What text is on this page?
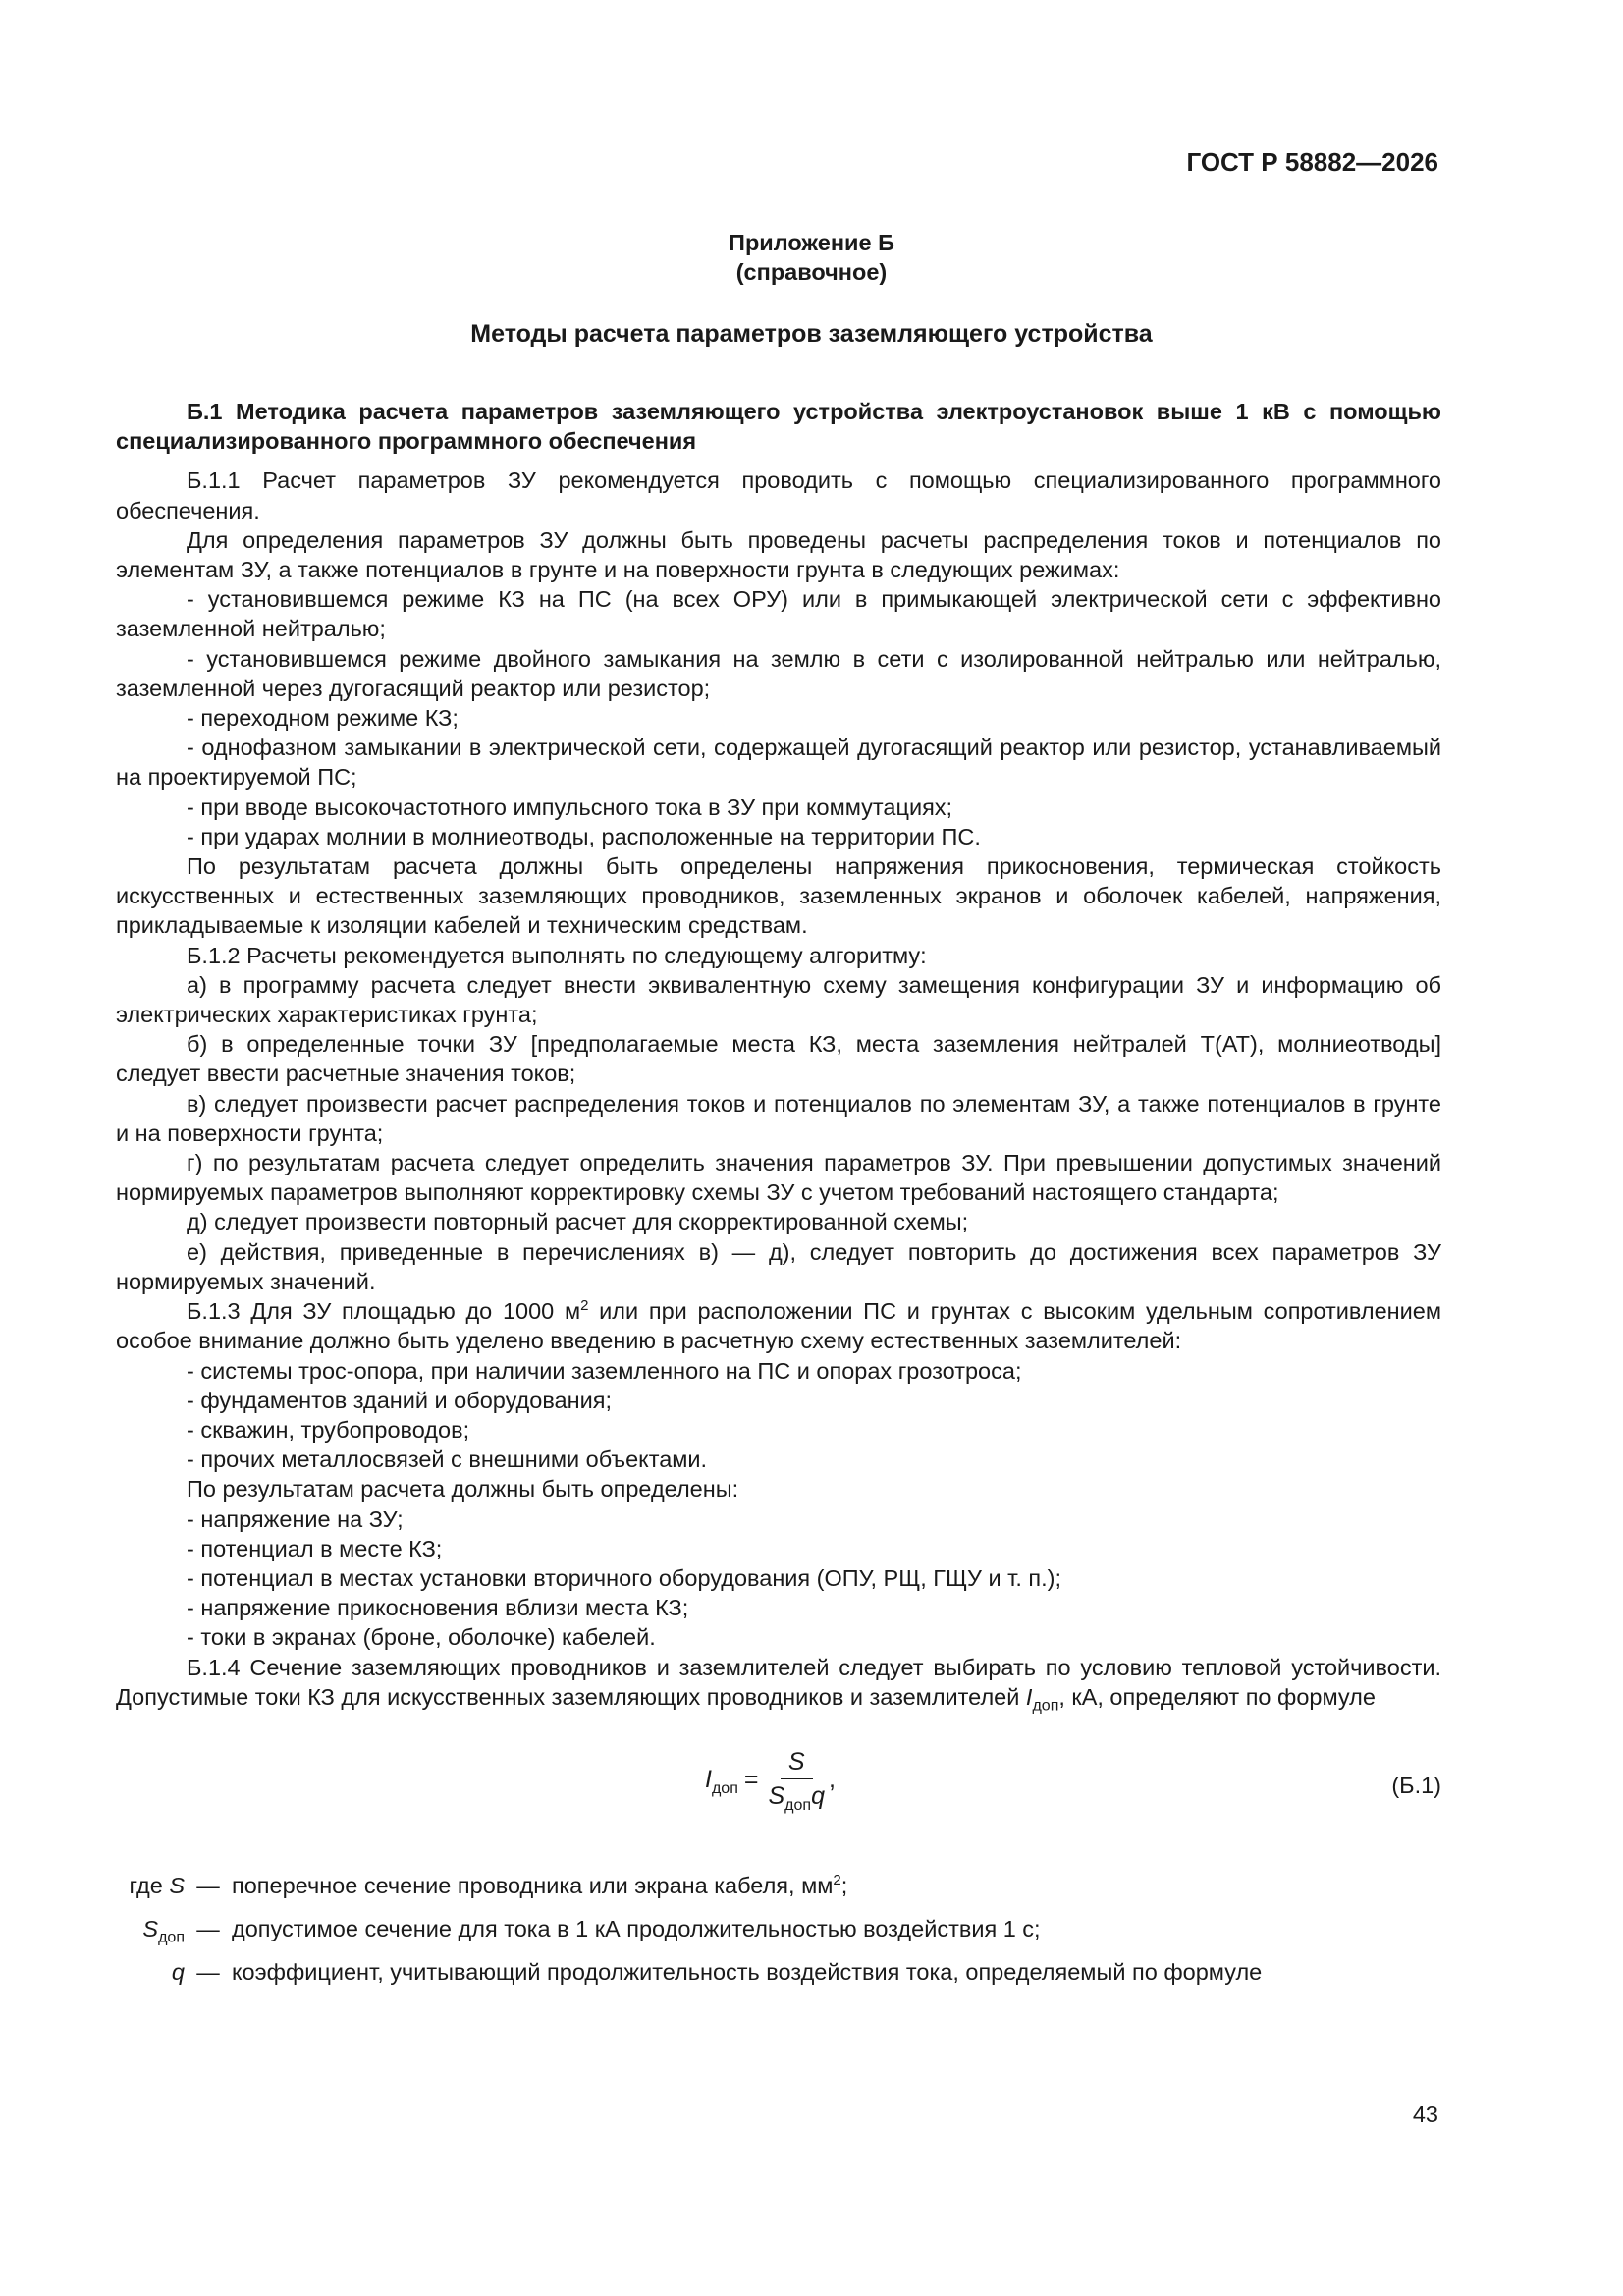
ГОСТ Р 58882—2026
Приложение Б
(справочное)
Методы расчета параметров заземляющего устройства

Б.1 Методика расчета параметров заземляющего устройства электроустановок выше 1 кВ с помощью специализированного программного обеспечения

Б.1.1 Расчет параметров ЗУ рекомендуется проводить с помощью специализированного программного обеспечения.

Для определения параметров ЗУ должны быть проведены расчеты распределения токов и потенциалов по элементам ЗУ, а также потенциалов в грунте и на поверхности грунта в следующих режимах:

- установившемся режиме КЗ на ПС (на всех ОРУ) или в примыкающей электрической сети с эффективно заземленной нейтралью;

- установившемся режиме двойного замыкания на землю в сети с изолированной нейтралью или нейтралью, заземленной через дугогасящий реактор или резистор;

- переходном режиме КЗ;

- однофазном замыкании в электрической сети, содержащей дугогасящий реактор или резистор, устанавливаемый на проектируемой ПС;

- при вводе высокочастотного импульсного тока в ЗУ при коммутациях;

- при ударах молнии в молниеотводы, расположенные на территории ПС.

По результатам расчета должны быть определены напряжения прикосновения, термическая стойкость искусственных и естественных заземляющих проводников, заземленных экранов и оболочек кабелей, напряжения, прикладываемые к изоляции кабелей и техническим средствам.

Б.1.2 Расчеты рекомендуется выполнять по следующему алгоритму:

а) в программу расчета следует внести эквивалентную схему замещения конфигурации ЗУ и информацию об электрических характеристиках грунта;

б) в определенные точки ЗУ [предполагаемые места КЗ, места заземления нейтралей Т(АТ), молниеотводы] следует ввести расчетные значения токов;

в) следует произвести расчет распределения токов и потенциалов по элементам ЗУ, а также потенциалов в грунте и на поверхности грунта;

г) по результатам расчета следует определить значения параметров ЗУ. При превышении допустимых значений нормируемых параметров выполняют корректировку схемы ЗУ с учетом требований настоящего стандарта;

д) следует произвести повторный расчет для скорректированной схемы;

е) действия, приведенные в перечислениях в) — д), следует повторить до достижения всех параметров ЗУ нормируемых значений.

Б.1.3 Для ЗУ площадью до 1000 $м^2$ или при расположении ПС и грунтах с высоким удельным сопротивлением особое внимание должно быть уделено введению в расчетную схему естественных заземлителей:

- системы трос-опора, при наличии заземленного на ПС и опорах грозотроса;

- фундаментов зданий и оборудования;

- скважин, трубопроводов;

- прочих металлосвязей с внешними объектами.

По результатам расчета должны быть определены:

- напряжение на ЗУ;

- потенциал в месте КЗ;

- потенциал в местах установки вторичного оборудования (ОПУ, РЩ, ГЩУ и т. п.);

- напряжение прикосновения вблизи места КЗ;

- токи в экранах (броне, оболочке) кабелей.

Б.1.4 Сечение заземляющих проводников и заземлителей следует выбирать по условию тепловой устойчивости. Допустимые токи КЗ для искусственных заземляющих проводников и заземлителей $I_{доп}$, кА, определяют по формуле

$I_{доп} = \frac{S}{S_{доп}q}$ ,	(Б.1)
где S — поперечное сечение проводника или экрана кабеля, $мм^2$;
$S_{доп}$ — допустимое сечение для тока в 1 кА продолжительностью воздействия 1 с;
q — коэффициент, учитывающий продолжительность воздействия тока, определяемый по формуле
43
